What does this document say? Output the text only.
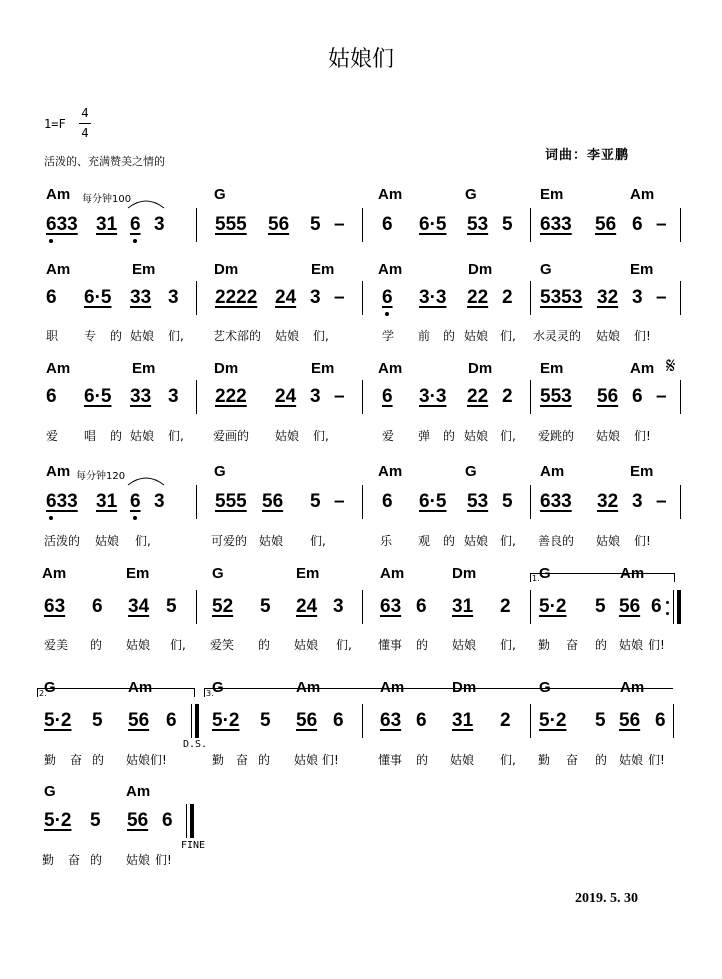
姑娘们
1=F
4
4
活泼的、充满赞美之情的	词曲：李亚鹏
Am 每分钟100	G	Am	G	Em	Am
633 31 6 3	555 56 5 – 6 6·5 53 5 633 56 6 –
Am	Em	Dm	Em	Am	Dm	G	Em
6 6·5 33 3 2222 24 3 – 6 3·3 22 2 5353 32 3 –
职 专 的 姑娘 们, 艺术部的 姑娘 们,	学 前 的 姑娘 们, 水灵灵的 姑娘 们!
Am	Em	Dm	Em	Am	Dm	Em	Am 𝄋
6 6·5 33 3 222 24 3 – 6 3·3 22 2 553 56 6 –
爱 唱 的 姑娘 们, 爱画的 姑娘 们,	爱 弹 的 姑娘 们, 爱跳的 姑娘 们!
Am 每分钟120	G	Am	G	Am	Em
633 31 6 3	555 56 5 – 6 6·5 53 5 633 32 3 –
活泼的 姑娘 们,	可爱的 姑娘 们,	乐 观 的 姑娘 们, 善良的 姑娘 们!
1.
Am	Em	G	Em	Am	Dm	G	Am
63 6 34 5 52 5 24 3 63 6 31 2 5·2 5 56 6
爱美 的 姑娘 们, 爱笑 的 姑娘 们, 懂事 的 姑娘 们, 勤 奋 的 姑娘 们!
2.	3.
G	Am	G	Am	Am	Dm	G	Am
5·2 5 56 6 5·2 5 56 6 63 6 31 2 5·2 5 56 6
D.S.
勤 奋 的 姑娘 们!	勤 奋 的 姑娘 们!	懂事 的 姑娘 们, 勤 奋 的 姑娘 们!
G	Am
5·2 5 56 6
FINE
勤 奋 的 姑娘 们!
2019. 5. 30
